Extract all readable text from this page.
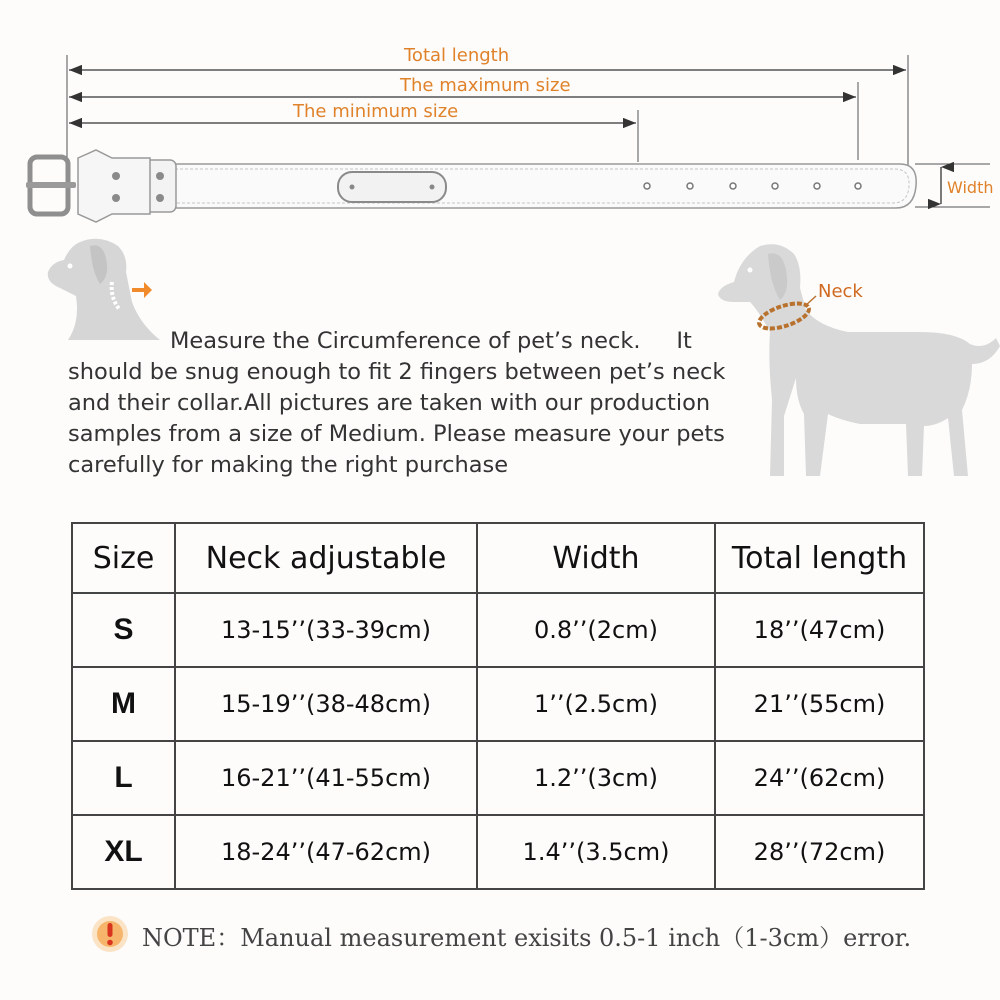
Total length
The maximum size
The minimum size
Width
Neck
Measure the Circumference of pet’s neck.     It
should be snug enough to fit 2 fingers between pet’s neck
and their collar.All pictures are taken with our production
samples from a size of Medium. Please measure your pets
carefully for making the right purchase
Size	Neck adjustable	Width	Total length
S	13-15’’(33-39cm)	0.8’’(2cm)	18’’(47cm)
M	15-19’’(38-48cm)	1’’(2.5cm)	21’’(55cm)
L	16-21’’(41-55cm)	1.2’’(3cm)	24’’(62cm)
XL	18-24’’(47-62cm)	1.4’’(3.5cm)	28’’(72cm)
NOTE：Manual measurement exisits 0.5-1 inch（1-3cm）error.
